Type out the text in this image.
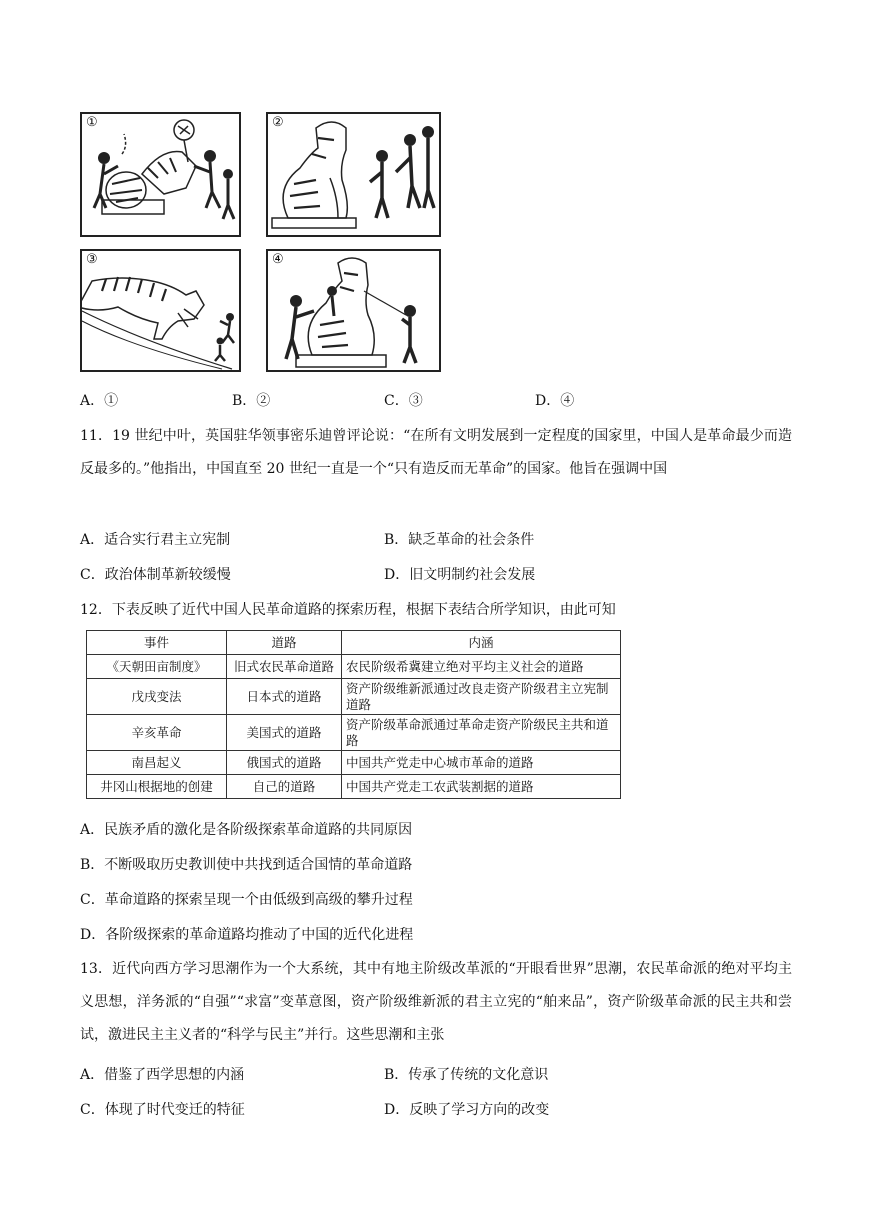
①	②
③	④
A．①	B．②	C．③	D．④
11．19 世纪中叶，英国驻华领事密乐迪曾评论说：“在所有文明发展到一定程度的国家里，中国人是革命最少而造反最多的。”他指出，中国直至 20 世纪一直是一个“只有造反而无革命”的国家。他旨在强调中国
A．适合实行君主立宪制	B．缺乏革命的社会条件
C．政治体制革新较缓慢	D．旧文明制约社会发展
12．下表反映了近代中国人民革命道路的探索历程，根据下表结合所学知识，由此可知
事件	道路	内涵
《天朝田亩制度》	旧式农民革命道路	农民阶级希冀建立绝对平均主义社会的道路
戊戌变法	日本式的道路	资产阶级维新派通过改良走资产阶级君主立宪制道路
辛亥革命	美国式的道路	资产阶级革命派通过革命走资产阶级民主共和道路
南昌起义	俄国式的道路	中国共产党走中心城市革命的道路
井冈山根据地的创建	自己的道路	中国共产党走工农武装割据的道路
A．民族矛盾的激化是各阶级探索革命道路的共同原因
B．不断吸取历史教训使中共找到适合国情的革命道路
C．革命道路的探索呈现一个由低级到高级的攀升过程
D．各阶级探索的革命道路均推动了中国的近代化进程
13．近代向西方学习思潮作为一个大系统，其中有地主阶级改革派的“开眼看世界”思潮，农民革命派的绝对平均主义思想，洋务派的“自强”“求富”变革意图，资产阶级维新派的君主立宪的“舶来品”，资产阶级革命派的民主共和尝试，激进民主主义者的“科学与民主”并行。这些思潮和主张
A．借鉴了西学思想的内涵	B．传承了传统的文化意识
C．体现了时代变迁的特征	D．反映了学习方向的改变
